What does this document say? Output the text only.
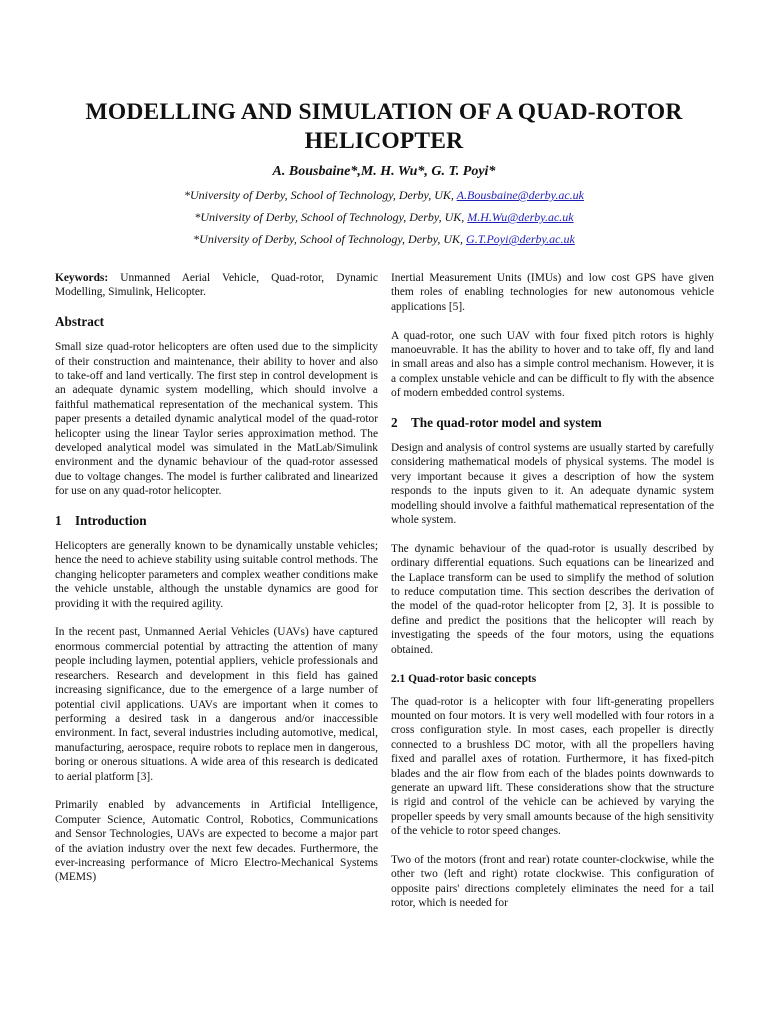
MODELLING AND SIMULATION OF A QUAD-ROTOR HELICOPTER
A. Bousbaine*,M. H. Wu*, G. T. Poyi*
*University of Derby, School of Technology, Derby, UK, A.Bousbaine@derby.ac.uk
*University of Derby, School of Technology, Derby, UK, M.H.Wu@derby.ac.uk
*University of Derby, School of Technology, Derby, UK, G.T.Poyi@derby.ac.uk

Keywords: Unmanned Aerial Vehicle, Quad-rotor, Dynamic Modelling, Simulink, Helicopter.

Abstract

Small size quad-rotor helicopters are often used due to the simplicity of their construction and maintenance, their ability to hover and also to take-off and land vertically. The first step in control development is an adequate dynamic system modelling, which should involve a faithful mathematical representation of the mechanical system. This paper presents a detailed dynamic analytical model of the quad-rotor helicopter using the linear Taylor series approximation method. The developed analytical model was simulated in the MatLab/Simulink environment and the dynamic behaviour of the quad-rotor assessed due to voltage changes. The model is further calibrated and linearized for use on any quad-rotor helicopter.

1 Introduction

Helicopters are generally known to be dynamically unstable vehicles; hence the need to achieve stability using suitable control methods. The changing helicopter parameters and complex weather conditions make the vehicle unstable, although the unstable dynamics are good for providing it with the required agility.

In the recent past, Unmanned Aerial Vehicles (UAVs) have captured enormous commercial potential by attracting the attention of many people including laymen, potential appliers, vehicle professionals and researchers. Research and development in this field has gained increasing significance, due to the emergence of a large number of potential civil applications. UAVs are important when it comes to performing a desired task in a dangerous and/or inaccessible environment. In fact, several industries including automotive, medical, manufacturing, aerospace, require robots to replace men in dangerous, boring or onerous situations. A wide area of this research is dedicated to aerial platform [3].

Primarily enabled by advancements in Artificial Intelligence, Computer Science, Automatic Control, Robotics, Communications and Sensor Technologies, UAVs are expected to become a major part of the aviation industry over the next few decades. Furthermore, the ever-increasing performance of Micro Electro-Mechanical Systems (MEMS)

Inertial Measurement Units (IMUs) and low cost GPS have given them roles of enabling technologies for new autonomous vehicle applications [5].

A quad-rotor, one such UAV with four fixed pitch rotors is highly manoeuvrable. It has the ability to hover and to take off, fly and land in small areas and also has a simple control mechanism. However, it is a complex unstable vehicle and can be difficult to fly with the absence of modern embedded control systems.

2 The quad-rotor model and system

Design and analysis of control systems are usually started by carefully considering mathematical models of physical systems. The model is very important because it gives a description of how the system responds to the inputs given to it. An adequate dynamic system modelling should involve a faithful mathematical representation of the whole system.

The dynamic behaviour of the quad-rotor is usually described by ordinary differential equations. Such equations can be linearized and the Laplace transform can be used to simplify the method of solution to reduce computation time. This section describes the derivation of the model of the quad-rotor helicopter from [2, 3]. It is possible to define and predict the positions that the helicopter will reach by investigating the speeds of the four motors, using the equations obtained.

2.1 Quad-rotor basic concepts

The quad-rotor is a helicopter with four lift-generating propellers mounted on four motors. It is very well modelled with four rotors in a cross configuration style. In most cases, each propeller is directly connected to a brushless DC motor, with all the propellers having fixed and parallel axes of rotation. Furthermore, it has fixed-pitch blades and the air flow from each of the blades points downwards to generate an upward lift. These considerations show that the structure is rigid and control of the vehicle can be achieved by varying the propeller speeds by very small amounts because of the high sensitivity of the vehicle to rotor speed changes.

Two of the motors (front and rear) rotate counter-clockwise, while the other two (left and right) rotate clockwise. This configuration of opposite pairs' directions completely eliminates the need for a tail rotor, which is needed for
